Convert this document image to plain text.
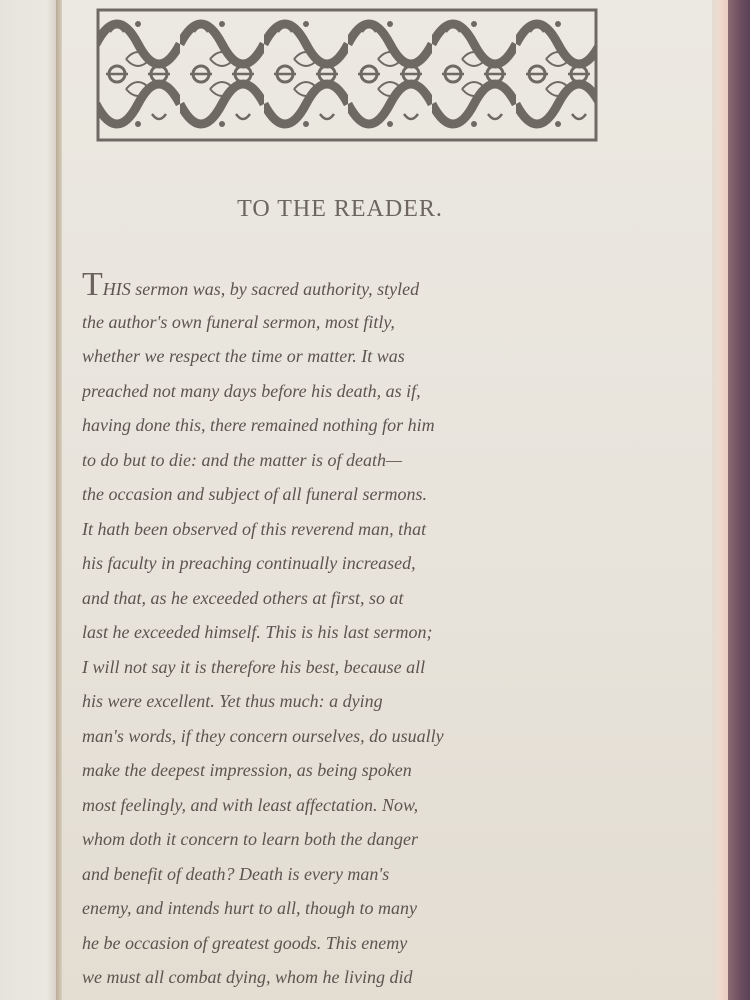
TO THE READER.
THIS sermon was, by sacred authority, styled
the author's own funeral sermon, most fitly,
whether we respect the time or matter. It was
preached not many days before his death, as if,
having done this, there remained nothing for him
to do but to die: and the matter is of death—
the occasion and subject of all funeral sermons.
It hath been observed of this reverend man, that
his faculty in preaching continually increased,
and that, as he exceeded others at first, so at
last he exceeded himself. This is his last sermon;
I will not say it is therefore his best, because all
his were excellent. Yet thus much: a dying
man's words, if they concern ourselves, do usually
make the deepest impression, as being spoken
most feelingly, and with least affectation. Now,
whom doth it concern to learn both the danger
and benefit of death? Death is every man's
enemy, and intends hurt to all, though to many
he be occasion of greatest goods. This enemy
we must all combat dying, whom he living did
